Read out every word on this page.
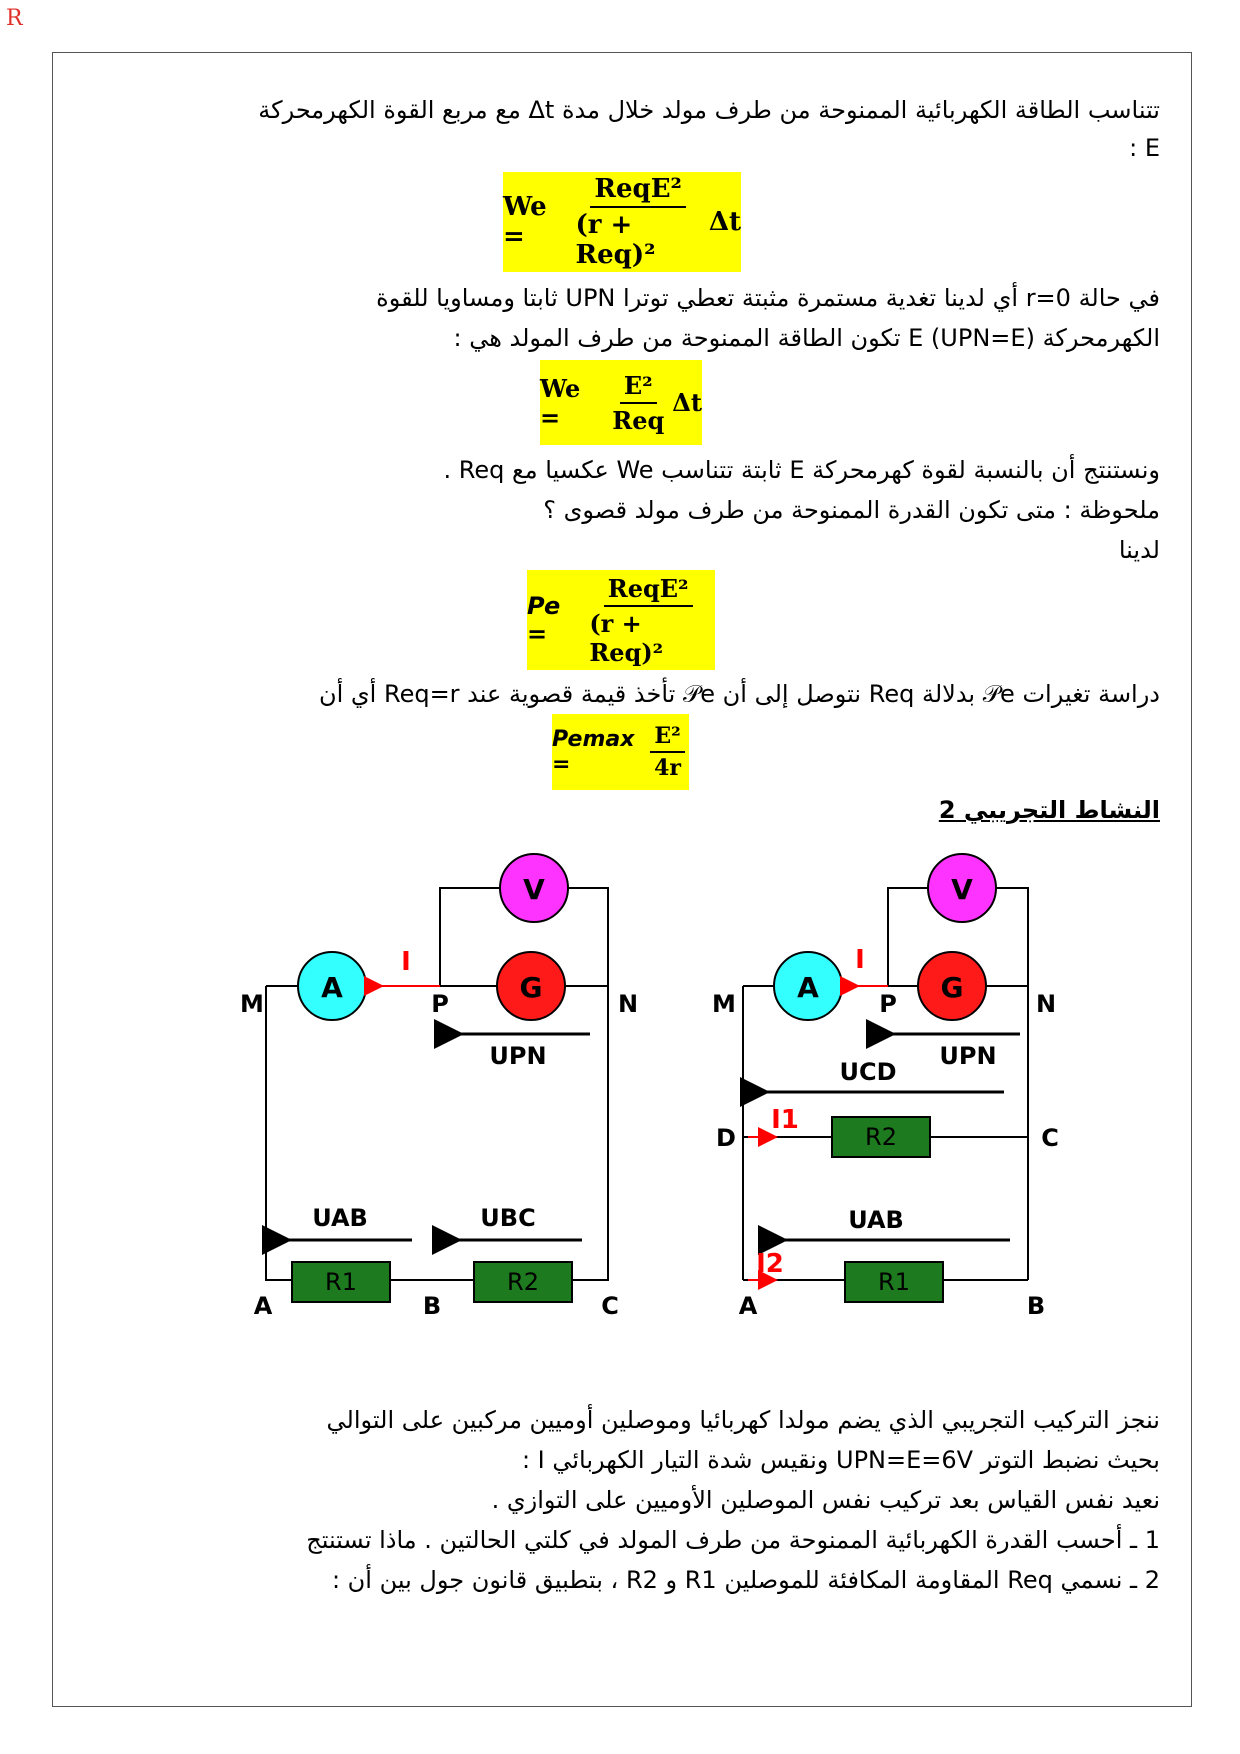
R
تتناسب الطاقة الكهربائية الممنوحة من طرف مولد خلال مدة Δt مع مربع القوة الكهرمحركة
: E
We =	$\frac{\text{ReqE²}}{\text{(r + Req)²}}$ Δt
في حالة r=0 أي لدينا تغدية مستمرة مثبتة تعطي توترا UPN ثابتا ومساويا للقوة
الكهرمحركة E (UPN=E) تكون الطاقة الممنوحة من طرف المولد هي :
We =	$\frac{\text{E²}}{\text{Req}}$ Δt
ونستنتج أن بالنسبة لقوة كهرمحركة E ثابتة تتناسب We عكسيا مع Req .
ملحوظة : متى تكون القدرة الممنوحة من طرف مولد قصوى ؟
لدينا
Pe =	$\frac{\text{ReqE²}}{\text{(r + Req)²}}$
دراسة تغيرات 𝒫e بدلالة Req نتوصل إلى أن 𝒫e تأخذ قيمة قصوية عند Req=r أي أن
Pemax =	$\frac{\text{E²}}{4r}$
النشاط التجريبي 2
V
A	G
I
M	P	N
UPN
UAB	UBC
R1	R2
A	B	C
V
A	G
I
M	P	N
UPN
UCD
D	C
I1
R2
UAB
I2
R1
A	B
ننجز التركيب التجريبي الذي يضم مولدا كهربائيا وموصلين أوميين مركبين على التوالي
بحيث نضبط التوتر UPN=E=6V ونقيس شدة التيار الكهربائي I :
نعيد نفس القياس بعد تركيب نفس الموصلين الأوميين على التوازي .
1 ـ أحسب القدرة الكهربائية الممنوحة من طرف المولد في كلتي الحالتين . ماذا تستنتج
2 ـ نسمي Req المقاومة المكافئة للموصلين R1 و R2 ، بتطبيق قانون جول بين أن :
